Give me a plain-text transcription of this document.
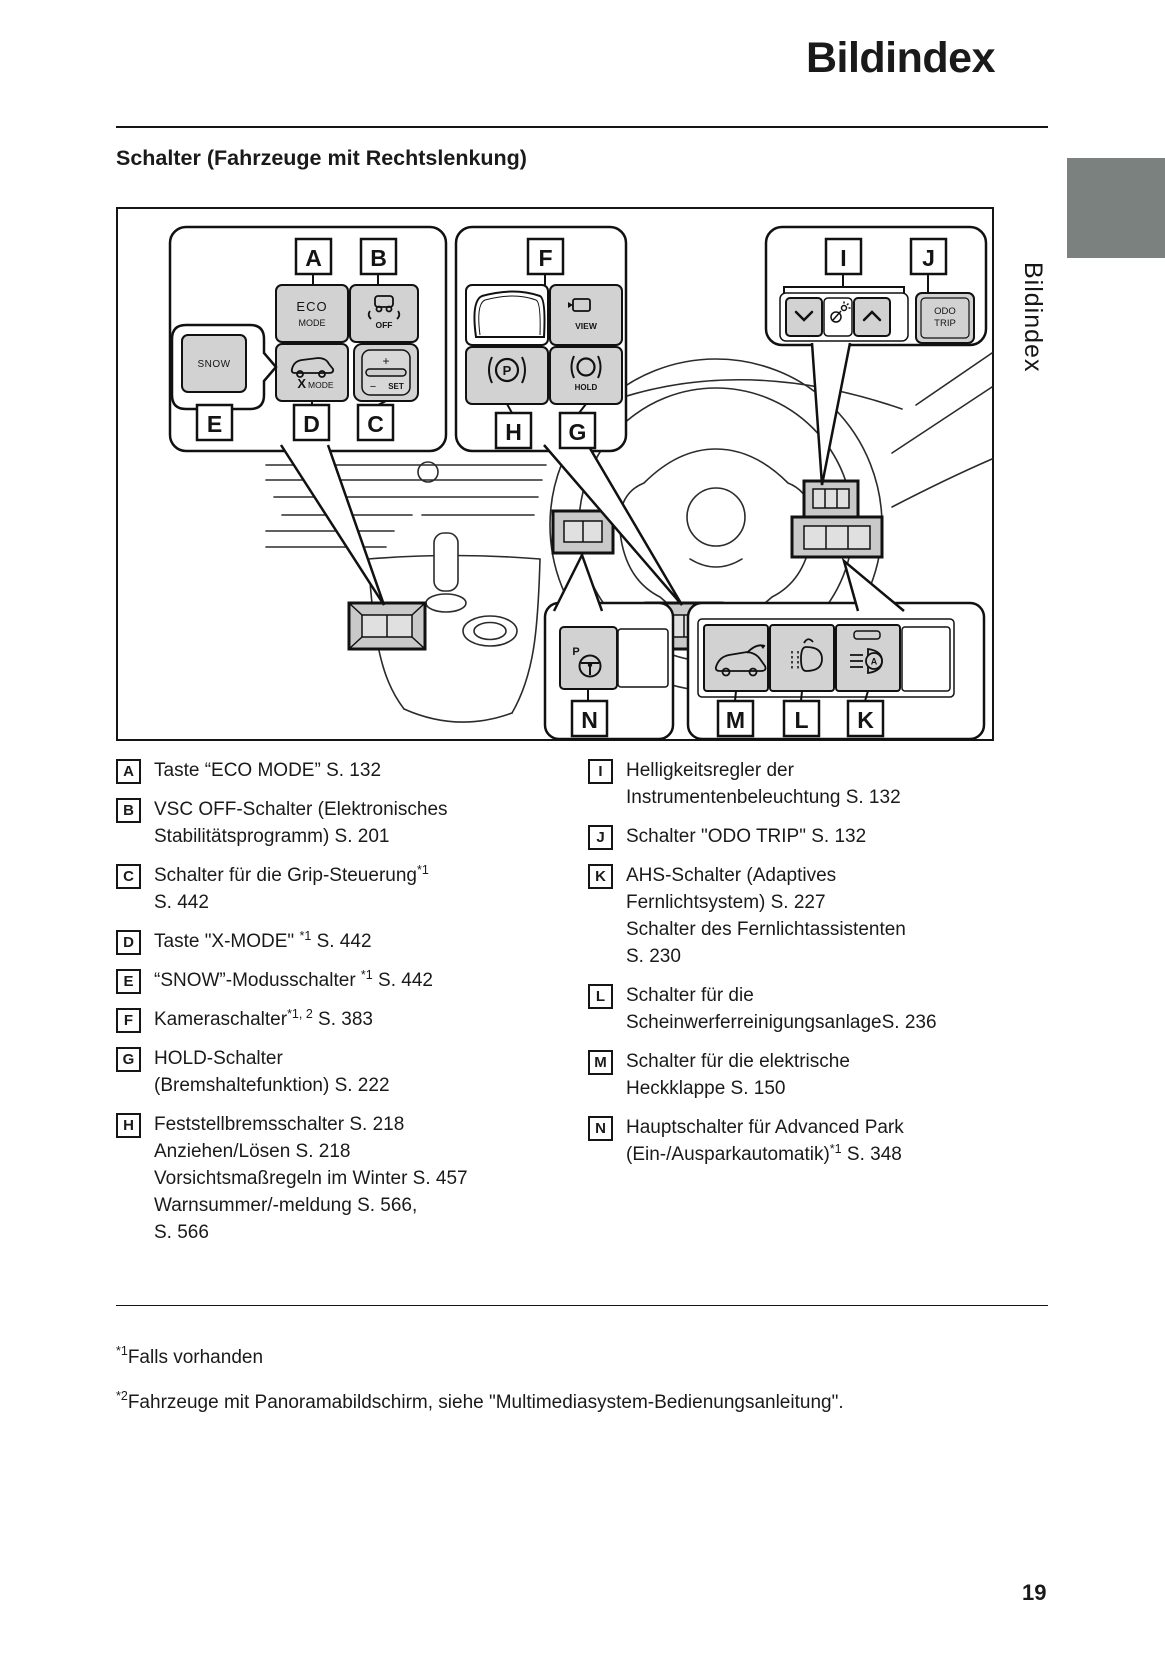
Bildindex
Schalter (Fahrzeuge mit Rechtslenkung)
Bildindex
A B
ECO
MODE	OFF
X MODE
+
− SET
SNOW
E	D C
F
VIEW
P
HOLD
H G
I	J
ODO
TRIP
P
N
A
M L K
A	Taste “ECO MODE” S. 132
B	VSC OFF-Schalter (Elektronisches
Stabilitätsprogramm) S. 201
C	Schalter für die Grip-Steuerung$^{*1}$
S. 442
D	Taste "X-MODE" $^{*1}$ S. 442
E	“SNOW”-Modusschalter $^{*1}$ S. 442
F	Kameraschalter$^{*1, 2}$ S. 383
G	HOLD-Schalter
(Bremshaltefunktion) S. 222
H	Feststellbremsschalter S. 218
Anziehen/Lösen S. 218
Vorsichtsmaßregeln im Winter S. 457
Warnsummer/-meldung S. 566,
S. 566
I	Helligkeitsregler der
Instrumentenbeleuchtung S. 132
J	Schalter "ODO TRIP" S. 132
K	AHS-Schalter (Adaptives
Fernlichtsystem) S. 227
Schalter des Fernlichtassistenten
S. 230
L	Schalter für die
ScheinwerferreinigungsanlageS. 236
M	Schalter für die elektrische
Heckklappe S. 150
N	Hauptschalter für Advanced Park
(Ein-/Ausparkautomatik)$^{*1}$ S. 348
$^{*1}$Falls vorhanden
$^{*2}$Fahrzeuge mit Panoramabildschirm, siehe "Multimediasystem-Bedienungsanleitung".
19
